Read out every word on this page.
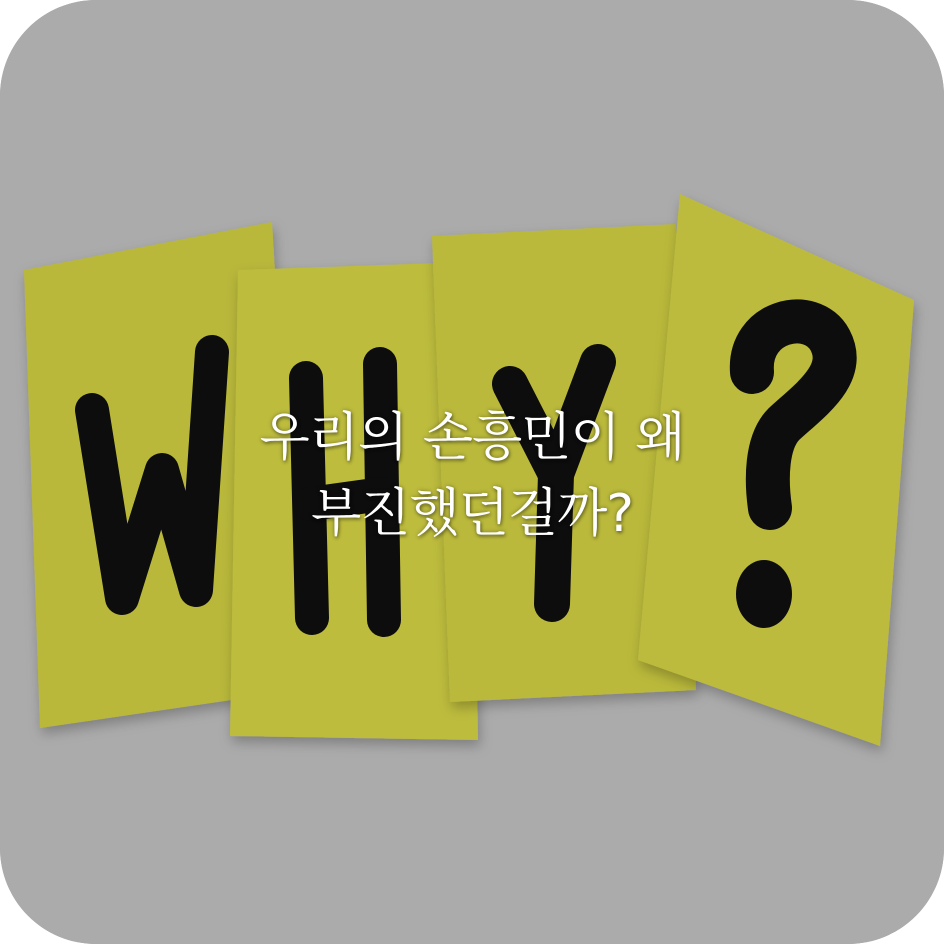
우리의 손흥민이 왜
부진했던걸까?
